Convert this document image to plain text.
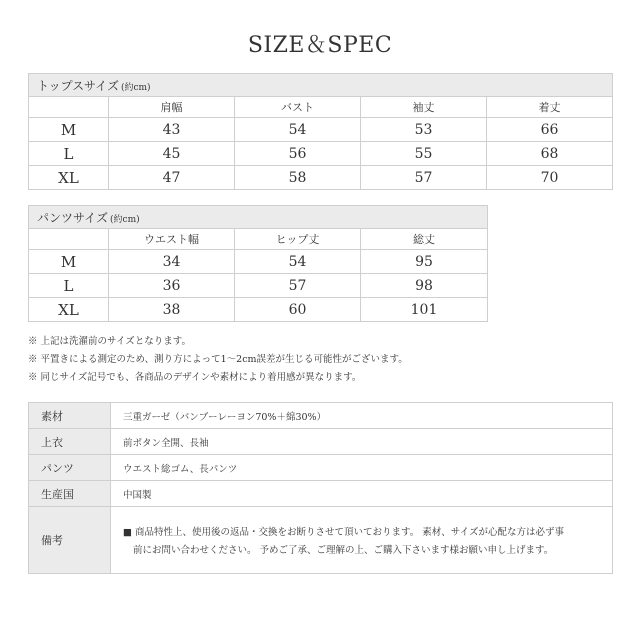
SIZE＆SPEC
トップスサイズ (約cm)				
	肩幅	バスト	袖丈	着丈
M	43	54	53	66
L	45	56	55	68
XL	47	58	57	70
パンツサイズ (約cm)			
	ウエスト幅	ヒップ丈	総丈
M	34	54	95
L	36	57	98
XL	38	60	101
※ 上記は洗濯前のサイズとなります。
※ 平置きによる測定のため、測り方によって1～2cm誤差が生じる可能性がございます。
※ 同じサイズ記号でも、各商品のデザインや素材により着用感が異なります。
素材	三重ガーゼ（バンブーレーヨン70%＋綿30%）
上衣	前ボタン全開、長袖
パンツ	ウエスト総ゴム、長パンツ
生産国	中国製
備考	■ 商品特性上、使用後の返品・交換をお断りさせて頂いております。 素材、サイズが心配な方は必ず事
前にお問い合わせください。 予めご了承、ご理解の上、ご購入下さいます様お願い申し上げます。
